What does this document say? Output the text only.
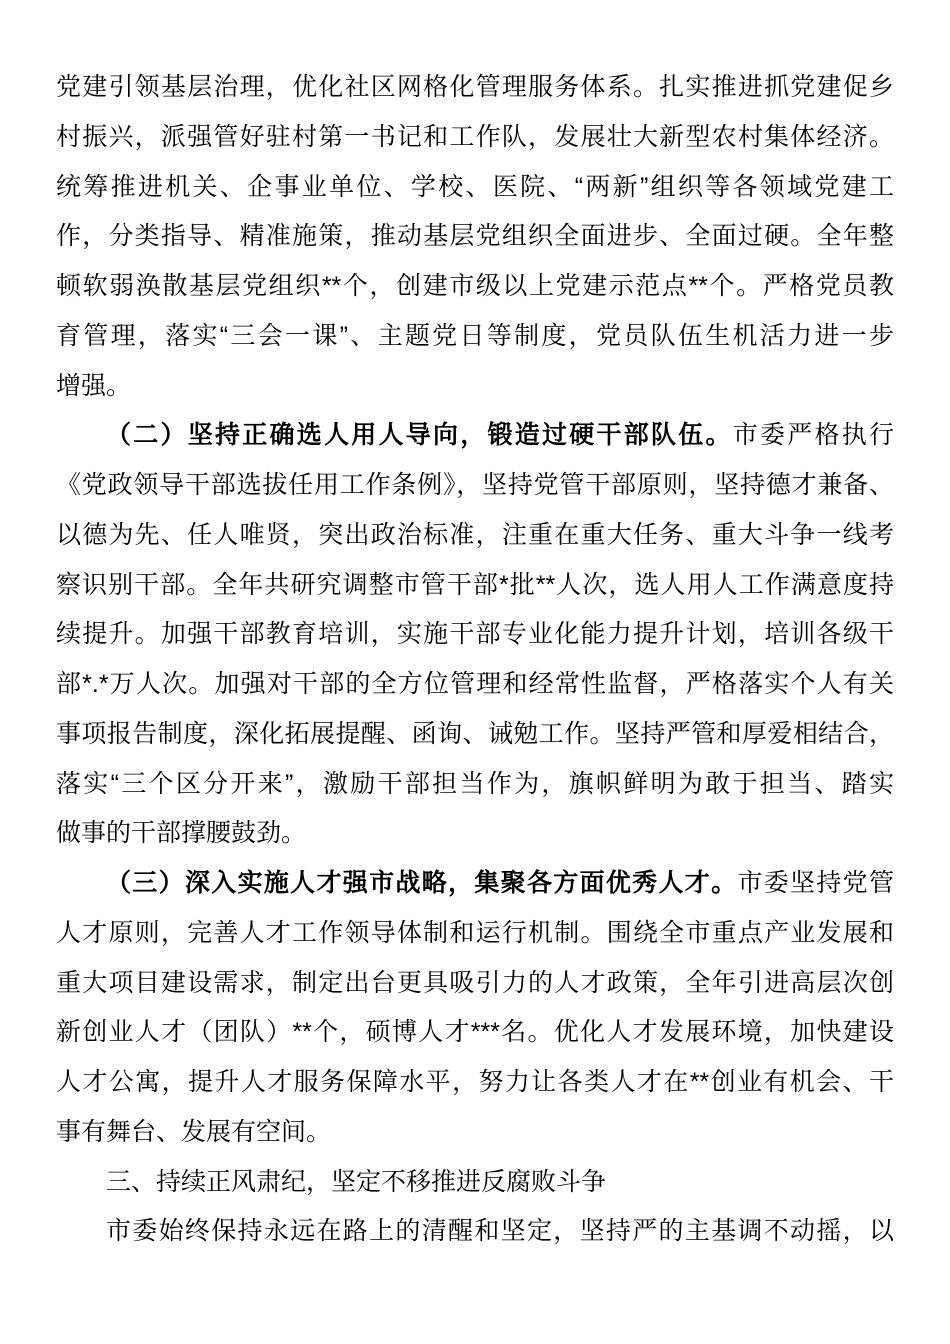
党建引领基层治理，优化社区网格化管理服务体系。扎实推进抓党建促乡
村振兴，派强管好驻村第一书记和工作队，发展壮大新型农村集体经济。
统筹推进机关、企事业单位、学校、医院、“两新”组织等各领域党建工
作，分类指导、精准施策，推动基层党组织全面进步、全面过硬。全年整
顿软弱涣散基层党组织**个，创建市级以上党建示范点**个。严格党员教
育管理，落实“三会一课”、主题党日等制度，党员队伍生机活力进一步
增强。
（二）坚持正确选人用人导向，锻造过硬干部队伍。市委严格执行
《党政领导干部选拔任用工作条例》，坚持党管干部原则，坚持德才兼备、
以德为先、任人唯贤，突出政治标准，注重在重大任务、重大斗争一线考
察识别干部。全年共研究调整市管干部*批**人次，选人用人工作满意度持
续提升。加强干部教育培训，实施干部专业化能力提升计划，培训各级干
部*.*万人次。加强对干部的全方位管理和经常性监督，严格落实个人有关
事项报告制度，深化拓展提醒、函询、诫勉工作。坚持严管和厚爱相结合，
落实“三个区分开来”，激励干部担当作为，旗帜鲜明为敢于担当、踏实
做事的干部撑腰鼓劲。
（三）深入实施人才强市战略，集聚各方面优秀人才。市委坚持党管
人才原则，完善人才工作领导体制和运行机制。围绕全市重点产业发展和
重大项目建设需求，制定出台更具吸引力的人才政策，全年引进高层次创
新创业人才（团队）**个，硕博人才***名。优化人才发展环境，加快建设
人才公寓，提升人才服务保障水平，努力让各类人才在**创业有机会、干
事有舞台、发展有空间。
三、持续正风肃纪，坚定不移推进反腐败斗争
市委始终保持永远在路上的清醒和坚定，坚持严的主基调不动摇，以
